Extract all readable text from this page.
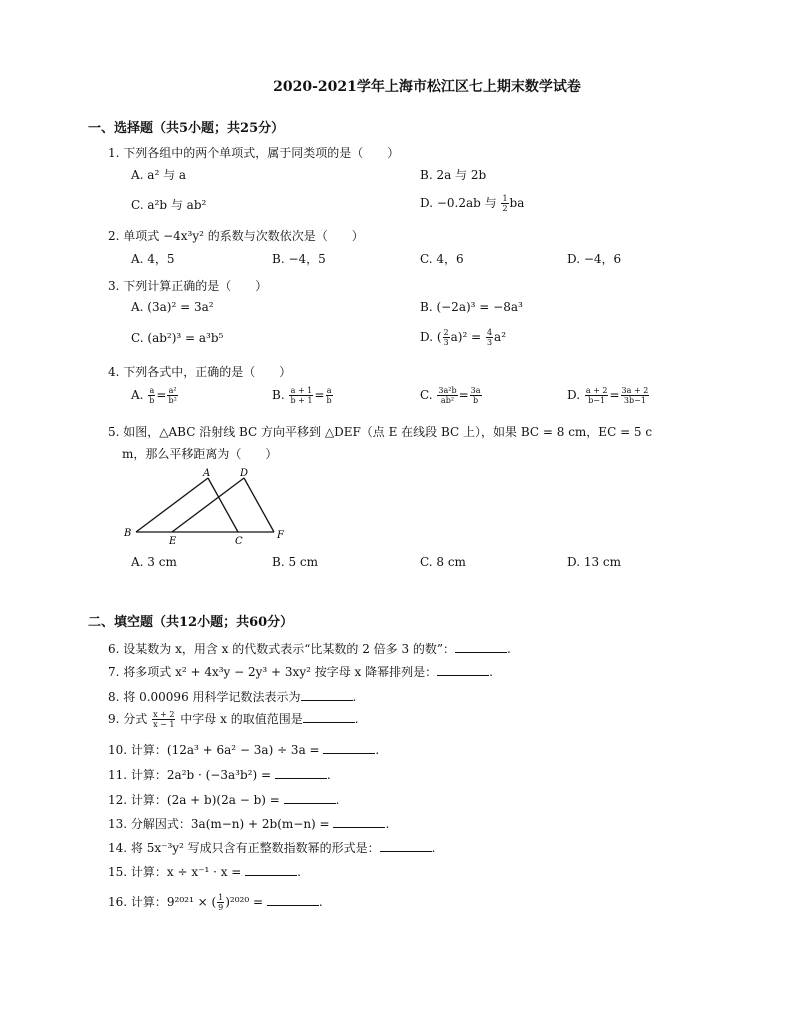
2020-2021学年上海市松江区七上期末数学试卷
一、选择题（共5小题；共25分）
1. 下列各组中的两个单项式，属于同类项的是（　　）
A. a² 与 a	B. 2a 与 2b
C. a²b 与 ab²	D. −0.2ab 与 $\frac{1}{2}$ ba
2. 单项式 −4x³y² 的系数与次数依次是（　　）
A. 4，5	B. −4，5	C. 4，6	D. −4，6
3. 下列计算正确的是（　　）
A. (3a)² = 3a²	B. (−2a)³ = −8a³
C. (ab²)³ = a³b⁵	D. ( $\frac{2}{3} a)^2 = \frac{4}{3} a^2$
4. 下列各式中，正确的是（　　）
A. $\frac{a}{b} = \frac{\text{a²}}{\text{b²}}$	B. $\frac{a + 1}{b + 1} = \frac{a}{b}$	C. $\frac{\text{3a²b}}{\text{ab²}} = \frac{3a}{b}$	D. $\frac{a + 2}{b-1} = \frac{3a + 2}{3b-1}$
5. 如图，△ABC 沿射线 BC 方向平移到 △DEF（点 E 在线段 BC 上），如果 BC = 8 cm，EC = 5 c
m，那么平移距离为（　　）
A
B
C
D
E
F
A. 3 cm	B. 5 cm	C. 8 cm	D. 13 cm
二、填空题（共12小题；共60分）
6. 设某数为 x，用含 x 的代数式表示“比某数的 2 倍多 3 的数”：	.
7. 将多项式 x² + 4x³y − 2y³ + 3xy² 按字母 x 降幂排列是：	.
8. 将 0.00096 用科学记数法表示为	.
9. 分式 $\frac{x + 2}{x - 1}$ 中字母 x 的取值范围是	.
10. 计算：(12a³ + 6a² − 3a) ÷ 3a =	.
11. 计算：2a²b · (−3a³b²) =	.
12. 计算：(2a + b)(2a − b) =	.
13. 分解因式：3a(m−n) + 2b(m−n) =	.
14. 将 5x⁻³y² 写成只含有正整数指数幂的形式是：	.
15. 计算：x ÷ x⁻¹ · x =	.
16. 计算：9²⁰²¹ × ( $\frac{1}{9} )^{2020}$ =	.
